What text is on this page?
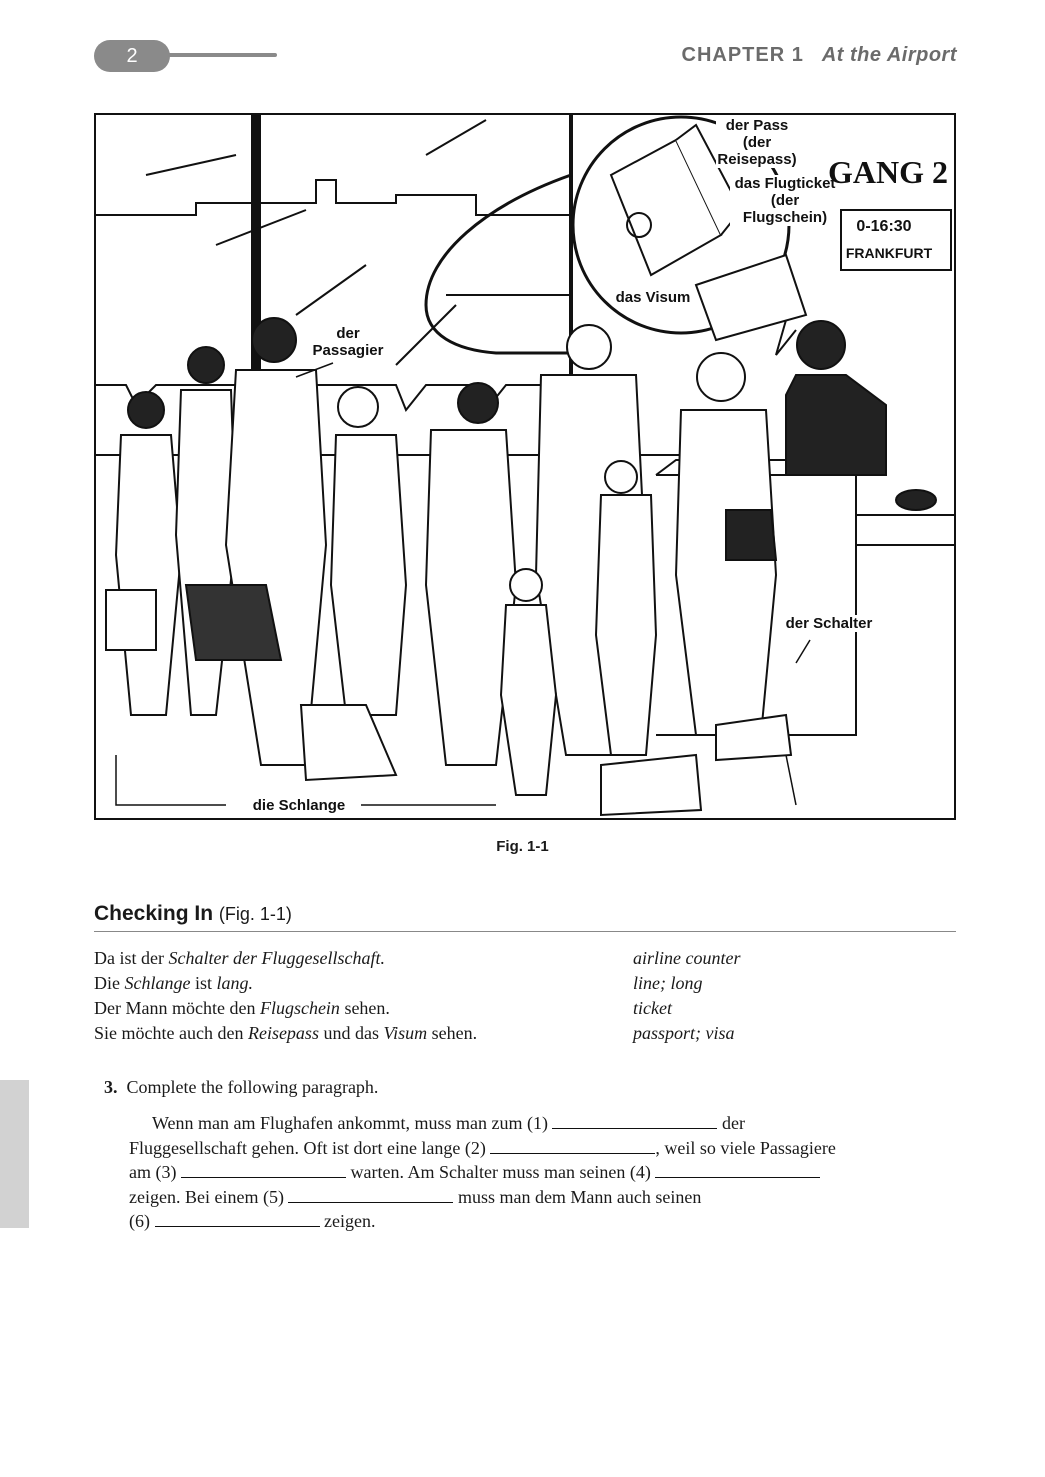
2	CHAPTER 1 At the Airport
der Pass
(der
Reisepass)
das Flugticket
(der
Flugschein)
das Visum
der
Passagier
der Schalter
die Schlange
GANG 2
0-16:30
FRANKFURT
Fig. 1-1
Checking In (Fig. 1-1)
Da ist der Schalter der Fluggesellschaft.	airline counter
Die Schlange ist lang.	line; long
Der Mann möchte den Flugschein sehen.	ticket
Sie möchte auch den Reisepass und das Visum sehen.	passport; visa
3. Complete the following paragraph.
Wenn man am Flughafen ankommt, muss man zum (1)	der
Fluggesellschaft gehen. Oft ist dort eine lange (2)	, weil so viele Passagiere
am (3)	warten. Am Schalter muss man seinen (4)
zeigen. Bei einem (5)	muss man dem Mann auch seinen
(6)	zeigen.
